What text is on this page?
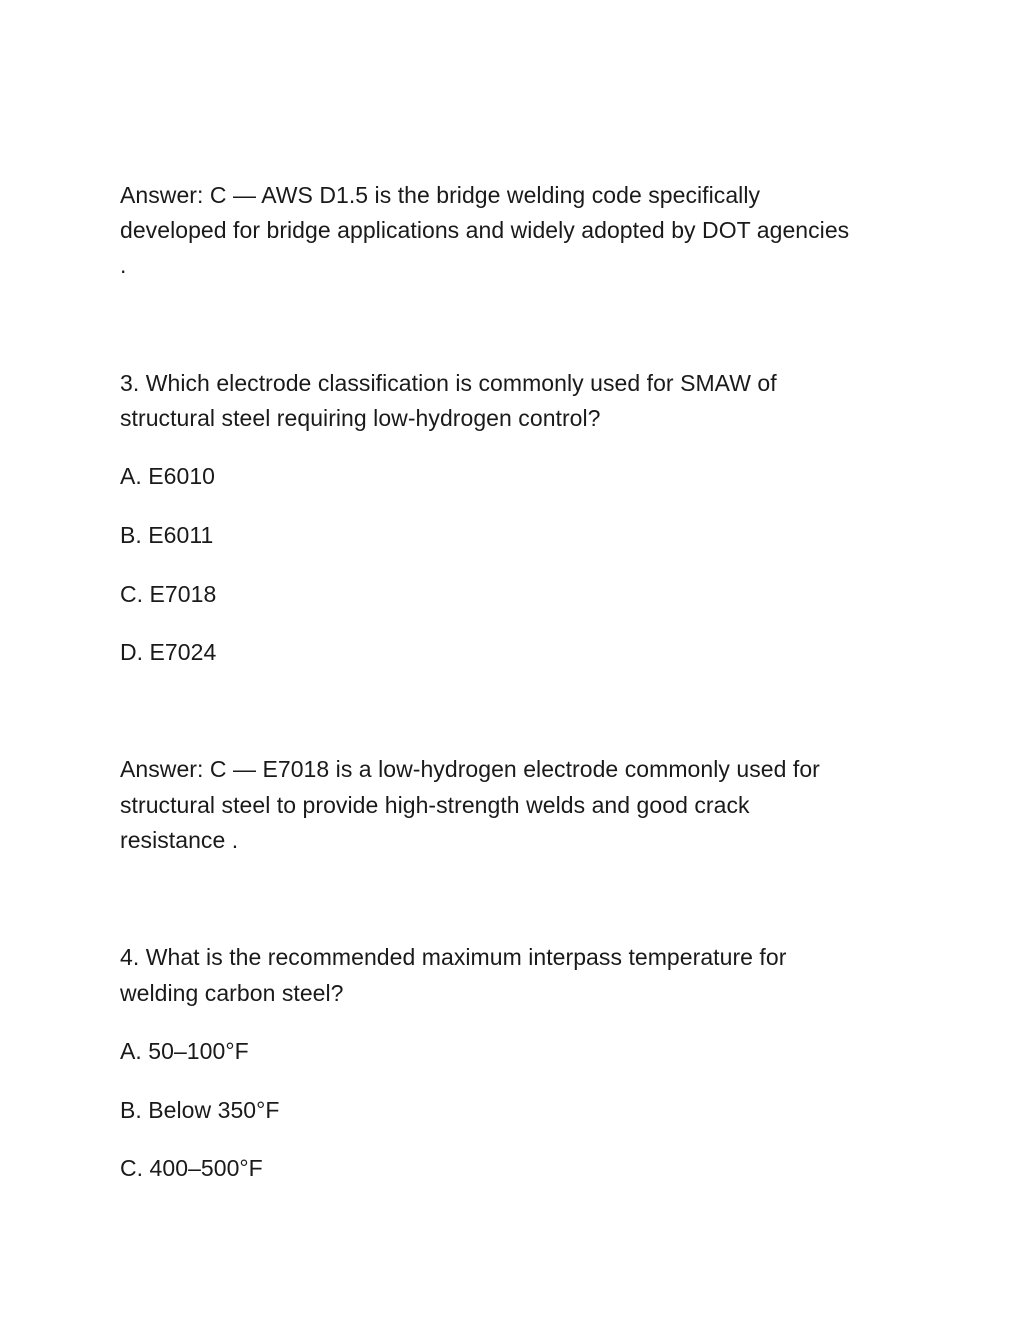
Answer: C — AWS D1.5 is the bridge welding code specifically

developed for bridge applications and widely adopted by DOT agencies

.

3. Which electrode classification is commonly used for SMAW of

structural steel requiring low-hydrogen control?

A. E6010

B. E6011

C. E7018

D. E7024

Answer: C — E7018 is a low-hydrogen electrode commonly used for

structural steel to provide high-strength welds and good crack

resistance .

4. What is the recommended maximum interpass temperature for

welding carbon steel?

A. 50–100°F

B. Below 350°F

C. 400–500°F
